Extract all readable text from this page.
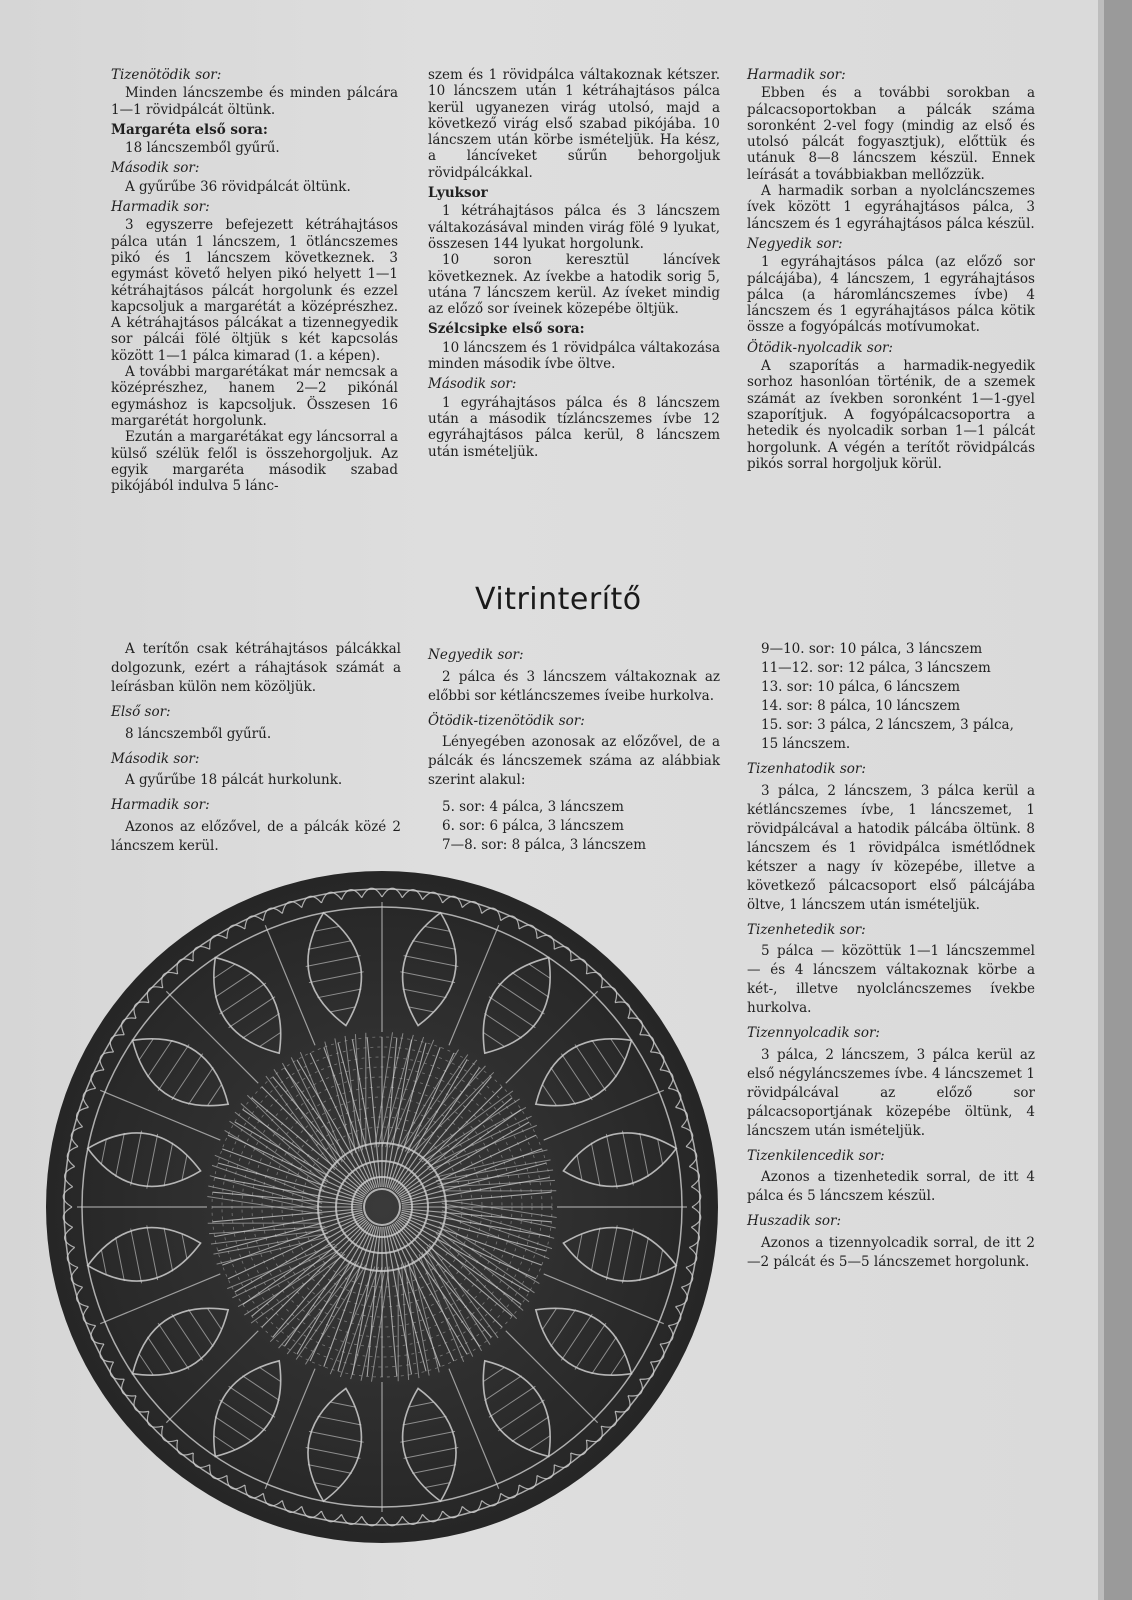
Tizenötödik sor:

Minden láncszembe és minden pálcára 1—1 rövidpálcát öltünk.

Margaréta első sora:

18 láncszemből gyűrű.

Második sor:

A gyűrűbe 36 rövidpálcát öltünk.

Harmadik sor:

3 egyszerre befejezett kétráhajtásos pálca után 1 láncszem, 1 ötláncszemes pikó és 1 láncszem következnek. 3 egymást követő helyen pikó helyett 1—1 kétráhajtásos pálcát horgolunk és ezzel kapcsoljuk a margarétát a középrészhez. A kétráhajtásos pálcákat a tizennegyedik sor pálcái fölé öltjük s két kapcsolás között 1—1 pálca kimarad (1. a képen).

A további margarétákat már nemcsak a középrészhez, hanem 2—2 pikónál egymáshoz is kapcsoljuk. Összesen 16 margarétát horgolunk.

Ezután a margarétákat egy láncsorral a külső szélük felől is összehorgoljuk. Az egyik margaréta második szabad pikójából indulva 5 lánc-

szem és 1 rövidpálca váltakoznak kétszer. 10 láncszem után 1 kétráhajtásos pálca kerül ugyanezen virág utolsó, majd a következő virág első szabad pikójába. 10 láncszem után körbe ismételjük. Ha kész, a láncíveket sűrűn behorgoljuk rövidpálcákkal.

Lyuksor

1 kétráhajtásos pálca és 3 láncszem váltakozásával minden virág fölé 9 lyukat, összesen 144 lyukat horgolunk.

10 soron keresztül láncívek következnek. Az ívekbe a hatodik sorig 5, utána 7 láncszem kerül. Az íveket mindig az előző sor íveinek közepébe öltjük.

Szélcsipke első sora:

10 láncszem és 1 rövidpálca váltakozása minden második ívbe öltve.

Második sor:

1 egyráhajtásos pálca és 8 láncszem után a második tízláncszemes ívbe 12 egyráhajtásos pálca kerül, 8 láncszem után ismételjük.

Harmadik sor:

Ebben és a további sorokban a pálcacsoportokban a pálcák száma soronként 2-vel fogy (mindig az első és utolsó pálcát fogyasztjuk), előttük és utánuk 8—8 láncszem készül. Ennek leírását a továbbiakban mellőzzük.

A harmadik sorban a nyolcláncszemes ívek között 1 egyráhajtásos pálca, 3 láncszem és 1 egyráhajtásos pálca készül.

Negyedik sor:

1 egyráhajtásos pálca (az előző sor pálcájába), 4 láncszem, 1 egyráhajtásos pálca (a háromláncszemes ívbe) 4 láncszem és 1 egyráhajtásos pálca kötik össze a fogyópálcás motívumokat.

Ötödik-nyolcadik sor:

A szaporítás a harmadik-negyedik sorhoz hasonlóan történik, de a szemek számát az ívekben soronként 1—1-gyel szaporítjuk. A fogyópálcacsoportra a hetedik és nyolcadik sorban 1—1 pálcát horgolunk. A végén a terítőt rövidpálcás pikós sorral horgoljuk körül.

Vitrinterítő

A terítőn csak kétráhajtásos pálcákkal dolgozunk, ezért a ráhajtások számát a leírásban külön nem közöljük.

Első sor:

8 láncszemből gyűrű.

Második sor:

A gyűrűbe 18 pálcát hurkolunk.

Harmadik sor:

Azonos az előzővel, de a pálcák közé 2 láncszem kerül.

Negyedik sor:

2 pálca és 3 láncszem váltakoznak az előbbi sor kétláncszemes íveibe hurkolva.

Ötödik-tizenötödik sor:

Lényegében azonosak az előzővel, de a pálcák és láncszemek száma az alábbiak szerint alakul:

5. sor: 4 pálca, 3 láncszem

6. sor: 6 pálca, 3 láncszem

7—8. sor: 8 pálca, 3 láncszem

9—10. sor: 10 pálca, 3 láncszem

11—12. sor: 12 pálca, 3 láncszem

13. sor: 10 pálca, 6 láncszem

14. sor: 8 pálca, 10 láncszem

15. sor: 3 pálca, 2 láncszem, 3 pálca, 15 láncszem.

Tizenhatodik sor:

3 pálca, 2 láncszem, 3 pálca kerül a kétláncszemes ívbe, 1 láncszemet, 1 rövidpálcával a hatodik pálcába öltünk. 8 láncszem és 1 rövidpálca ismétlődnek kétszer a nagy ív közepébe, illetve a következő pálcacsoport első pálcájába öltve, 1 láncszem után ismételjük.

Tizenhetedik sor:

5 pálca — közöttük 1—1 láncszemmel — és 4 láncszem váltakoznak körbe a két-, illetve nyolcláncszemes ívekbe hurkolva.

Tizennyolcadik sor:

3 pálca, 2 láncszem, 3 pálca kerül az első négyláncszemes ívbe. 4 láncszemet 1 rövidpálcával az előző sor pálcacsoportjának közepébe öltünk, 4 láncszem után ismételjük.

Tizenkilencedik sor:

Azonos a tizenhetedik sorral, de itt 4 pálca és 5 láncszem készül.

Huszadik sor:

Azonos a tizennyolcadik sorral, de itt 2—2 pálcát és 5—5 láncszemet horgolunk.
